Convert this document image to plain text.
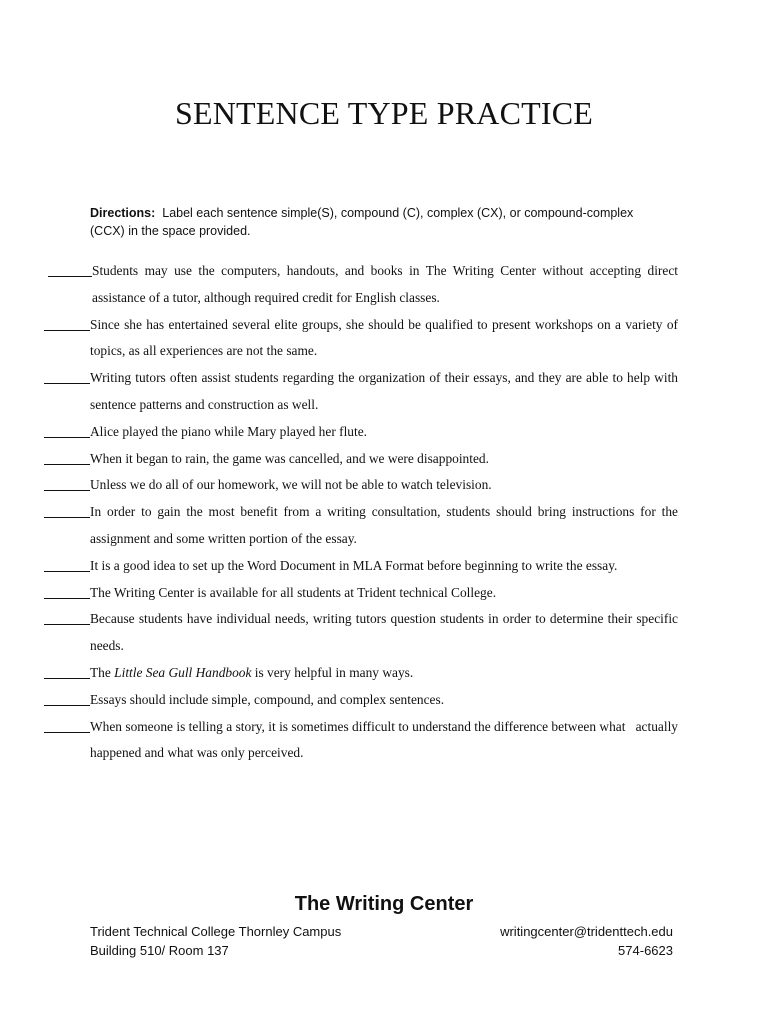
SENTENCE TYPE PRACTICE
Directions: Label each sentence simple(S), compound (C), complex (CX), or compound-complex (CCX) in the space provided.
Students may use the computers, handouts, and books in The Writing Center without accepting direct assistance of a tutor, although required credit for English classes.
Since she has entertained several elite groups, she should be qualified to present workshops on a variety of topics, as all experiences are not the same.
Writing tutors often assist students regarding the organization of their essays, and they are able to help with sentence patterns and construction as well.
Alice played the piano while Mary played her flute.
When it began to rain, the game was cancelled, and we were disappointed.
Unless we do all of our homework, we will not be able to watch television.
In order to gain the most benefit from a writing consultation, students should bring instructions for the assignment and some written portion of the essay.
It is a good idea to set up the Word Document in MLA Format before beginning to write the essay.
The Writing Center is available for all students at Trident technical College.
Because students have individual needs, writing tutors question students in order to determine their specific needs.
The Little Sea Gull Handbook is very helpful in many ways.
Essays should include simple, compound, and complex sentences.
When someone is telling a story, it is sometimes difficult to understand the difference between what   actually happened and what was only perceived.
The Writing Center
Trident Technical College Thornley Campus	writingcenter@tridenttech.edu
Building 510/ Room 137	574-6623
